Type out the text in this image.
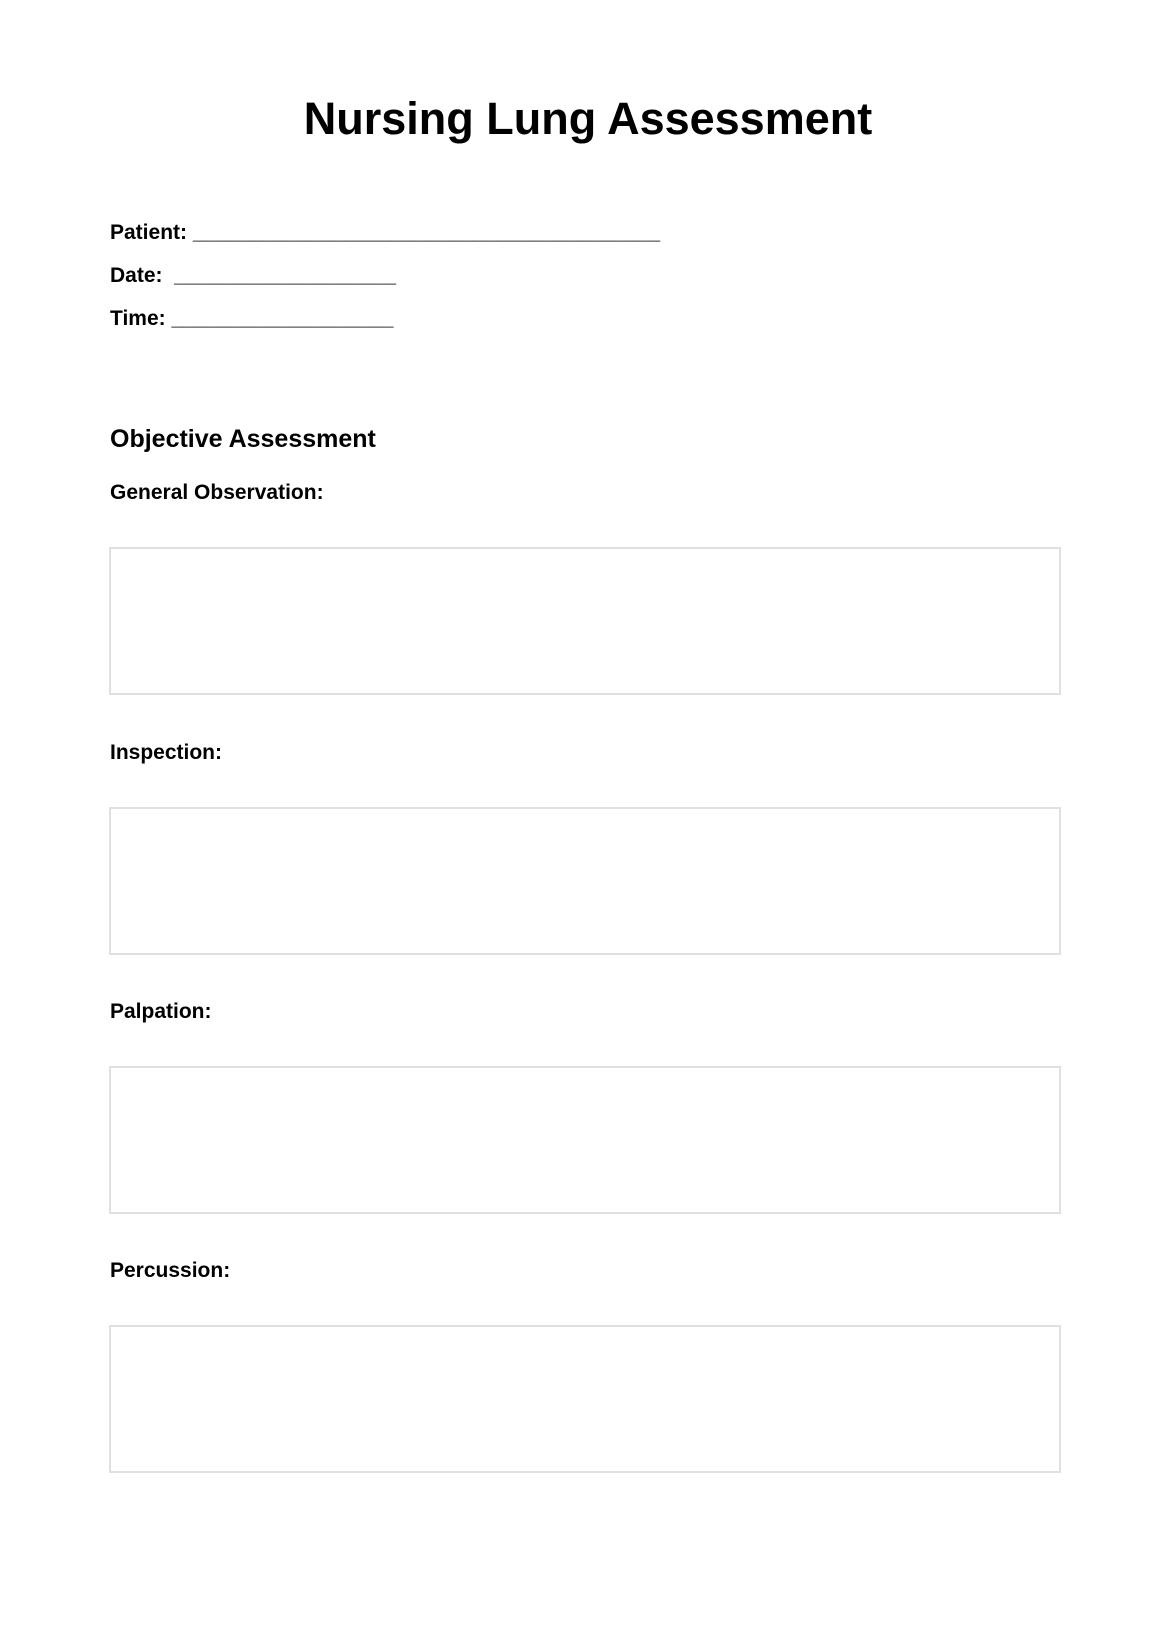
Nursing Lung Assessment
Patient: ________________________________________
Date:  ___________________
Time: ___________________
Objective Assessment
General Observation:
Inspection:
Palpation:
Percussion:
